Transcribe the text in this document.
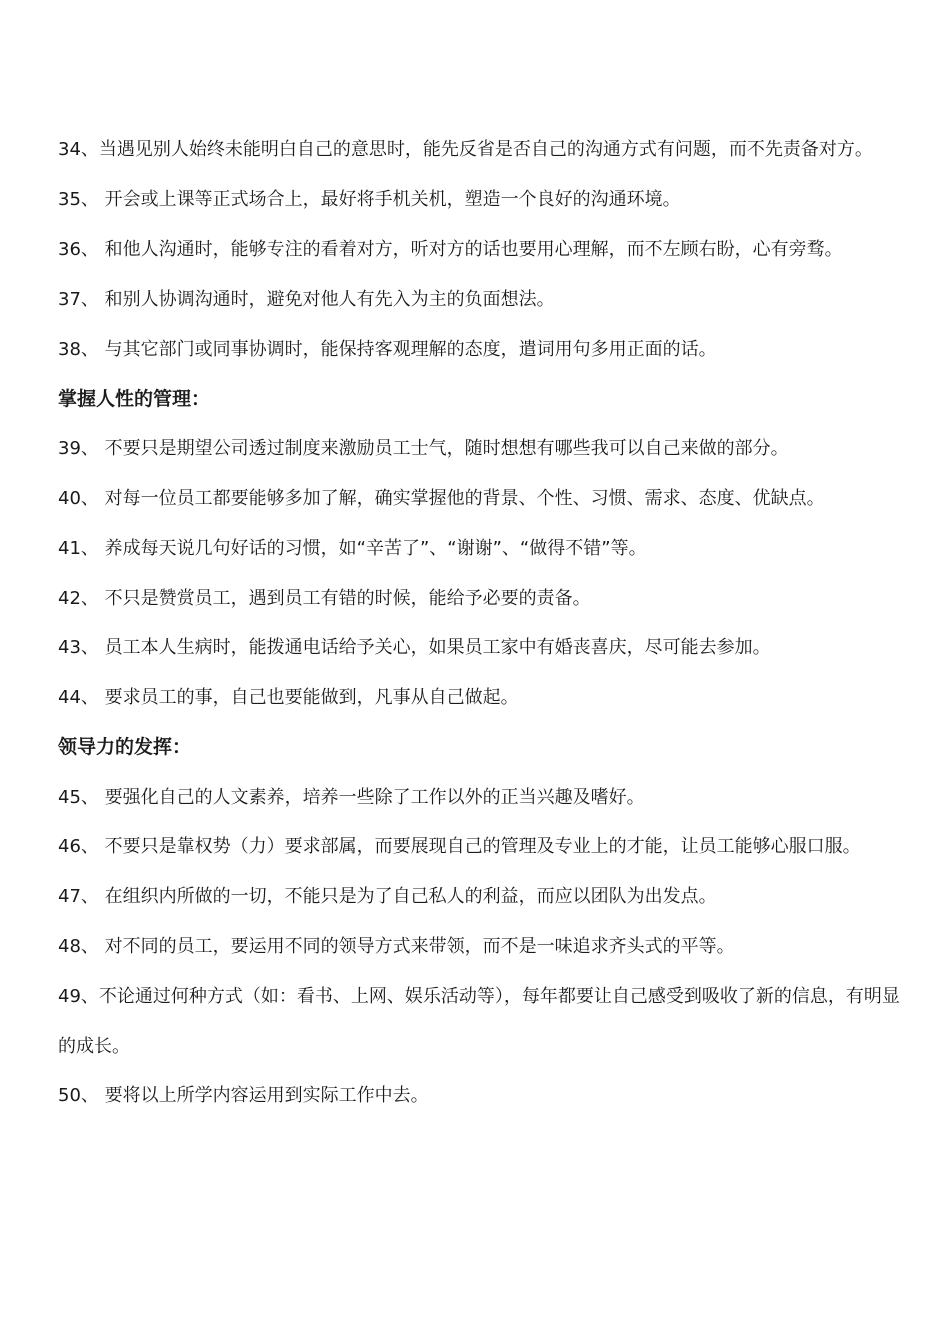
34、当遇见别人始终未能明白自己的意思时，能先反省是否自己的沟通方式有问题，而不先责备对方。
35、 开会或上课等正式场合上，最好将手机关机，塑造一个良好的沟通环境。
36、 和他人沟通时，能够专注的看着对方，听对方的话也要用心理解，而不左顾右盼，心有旁骛。
37、 和别人协调沟通时，避免对他人有先入为主的负面想法。
38、 与其它部门或同事协调时，能保持客观理解的态度，遣词用句多用正面的话。
掌握人性的管理：
39、 不要只是期望公司透过制度来激励员工士气，随时想想有哪些我可以自己来做的部分。
40、 对每一位员工都要能够多加了解，确实掌握他的背景、个性、习惯、需求、态度、优缺点。
41、 养成每天说几句好话的习惯，如“辛苦了”、“谢谢”、“做得不错”等。
42、 不只是赞赏员工，遇到员工有错的时候，能给予必要的责备。
43、 员工本人生病时，能拨通电话给予关心，如果员工家中有婚丧喜庆，尽可能去参加。
44、 要求员工的事，自己也要能做到，凡事从自己做起。
领导力的发挥：
45、 要强化自己的人文素养，培养一些除了工作以外的正当兴趣及嗜好。
46、 不要只是靠权势（力）要求部属，而要展现自己的管理及专业上的才能，让员工能够心服口服。
47、 在组织内所做的一切，不能只是为了自己私人的利益，而应以团队为出发点。
48、 对不同的员工，要运用不同的领导方式来带领，而不是一味追求齐头式的平等。
49、不论通过何种方式（如：看书、上网、娱乐活动等），每年都要让自己感受到吸收了新的信息，有明显
的成长。
50、 要将以上所学内容运用到实际工作中去。
